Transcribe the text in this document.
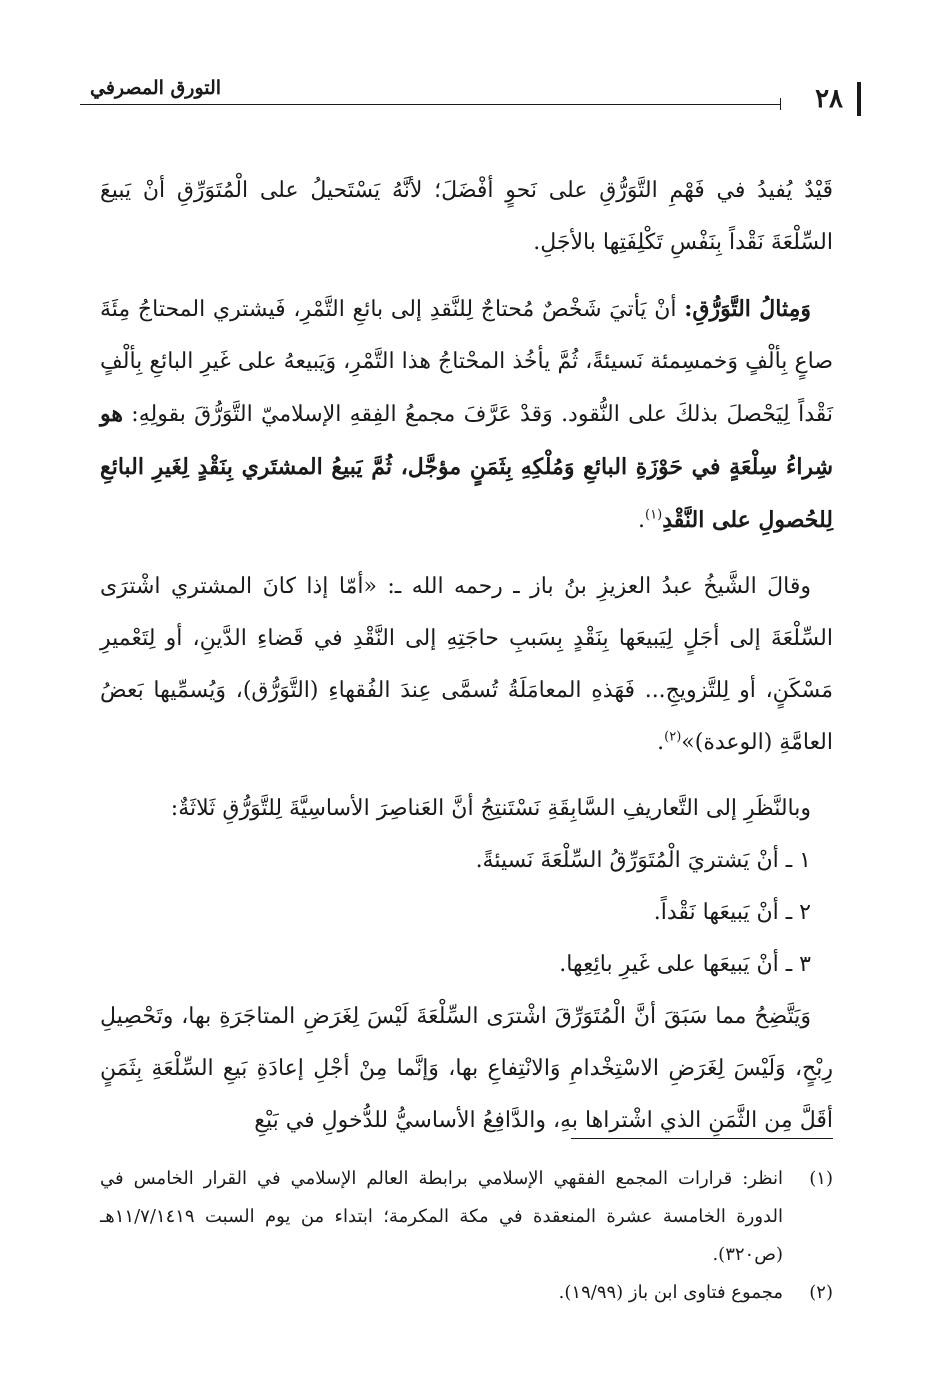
٢٨
التورق المصرفي

قَيْدٌ يُفيدُ في فَهْمِ التَّوَرُّقِ على نَحوٍ أفْضَلَ؛ لأنَّهُ يَسْتَحيلُ على الْمُتَوَرِّقِ أنْ يَبيعَ السِّلْعَةَ نَقْداً بِنَفْسِ تَكْلِفَتِها بالأجَلِ.

وَمِثالُ التَّوَرُّقِ: أنْ يَأتيَ شَخْصٌ مُحتاجٌ لِلنَّقدِ إلى بائعِ التَّمْرِ، فَيشتري المحتاجُ مِئَةَ صاعٍ بِألْفٍ وَخمسِمئة نَسيئةً، ثُمَّ يأخُذ المحْتاجُ هذا التَّمْرِ، وَيَبيعهُ على غَيرِ البائعِ بِألْفٍ نَقْداً لِيَحْصلَ بذلكَ على النُّقود. وَقدْ عَرَّفَ مجمعُ الفِقهِ الإسلاميّ التَّوَرُّقَ بقولِهِ: هو شِراءُ سِلْعَةٍ في حَوْزَةِ البائعِ وَمُلْكِهِ بِثَمَنٍ مؤجَّل، ثُمَّ يَبيعُ المشتَري بِنَقْدٍ لِغَيرِ البائعِ لِلحُصولِ على النَّقْدِ$^{(١)}$.

وقالَ الشَّيخُ عبدُ العزيزِ بنُ باز ـ رحمه الله ـ: «أمّا إذا كانَ المشتري اشْترَى السِّلْعَةَ إلى أجَلٍ لِيَبيعَها بِنَقْدٍ بِسَببِ حاجَتِهِ إلى النَّقْدِ في قَضاءِ الدَّينِ، أو لِتَعْميرِ مَسْكَنٍ، أو لِلتَّزويجِ... فَهَذهِ المعامَلَةُ تُسمَّى عِندَ الفُقهاءِ (التَّوَرُّق)، وَيُسمِّيها بَعضُ العامَّةِ (الوعدة)»$^{(٢)}$.

وبالنَّظَرِ إلى التَّعاريفِ السَّابِقَةِ نَسْتَنتِجُ أنَّ العَناصِرَ الأساسِيَّةَ لِلتَّوَرُّقِ ثَلاثَةٌ:

١ ـ أنْ يَشتريَ الْمُتَوَرِّقُ السِّلْعَةَ نَسيئةً.

٢ ـ أنْ يَبيعَها نَقْداً.

٣ ـ أنْ يَبيعَها على غَيرِ بائِعِها.

وَيَتَّضِحُ مما سَبَقَ أنَّ الْمُتَوَرِّقَ اشْترَى السِّلْعَةَ لَيْسَ لِغَرَضِ المتاجَرَةِ بها، وتَحْصِيلِ رِبْحٍ، وَلَيْسَ لِغَرَضِ الاسْتِخْدامِ وَالانْتِفاعِ بها، وَإنَّما مِنْ أجْلِ إعادَةِ بَيعِ السِّلْعَةِ بِثَمَنٍ أقَلَّ مِن الثَّمَنِ الذي اشْتراها بهِ، والدَّافِعُ الأساسيُّ للدُّخولِ في بَيْعِ

(١)
انظر: قرارات المجمع الفقهي الإسلامي برابطة العالم الإسلامي في القرار الخامس في الدورة الخامسة عشرة المنعقدة في مكة المكرمة؛ ابتداء من يوم السبت ١١/٧/١٤١٩هـ (ص٣٢٠).

(٢)
مجموع فتاوى ابن باز (١٩/٩٩).
